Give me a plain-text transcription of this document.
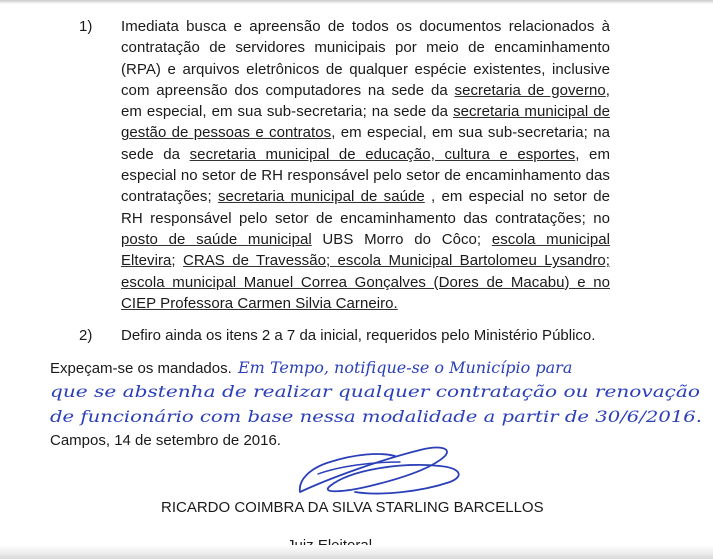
1) Imediata busca e apreensão de todos os documentos relacionados à contratação de servidores municipais por meio de encaminhamento (RPA) e arquivos eletrônicos de qualquer espécie existentes, inclusive com apreensão dos computadores na sede da secretaria de governo, em especial, em sua sub-secretaria; na sede da secretaria municipal de gestão de pessoas e contratos, em especial, em sua sub-secretaria; na sede da secretaria municipal de educação, cultura e esportes, em especial no setor de RH responsável pelo setor de encaminhamento das contratações; secretaria municipal de saúde , em especial no setor de RH responsável pelo setor de encaminhamento das contratações; no posto de saúde municipal UBS Morro do Côco; escola municipal Eltevira; CRAS de Travessão; escola Municipal Bartolomeu Lysandro; escola municipal Manuel Correa Gonçalves (Dores de Macabu) e no CIEP Professora Carmen Silvia Carneiro.
2) Defiro ainda os itens 2 a 7 da inicial, requeridos pelo Ministério Público.
Expeçam-se os mandados. Em Tempo, notifique-se o Município para
que se abstenha de realizar qualquer contratação ou renovação
de funcionário com base nessa modalidade a partir de 30/6/2016.
Campos, 14 de setembro de 2016.
RICARDO COIMBRA DA SILVA STARLING BARCELLOS
